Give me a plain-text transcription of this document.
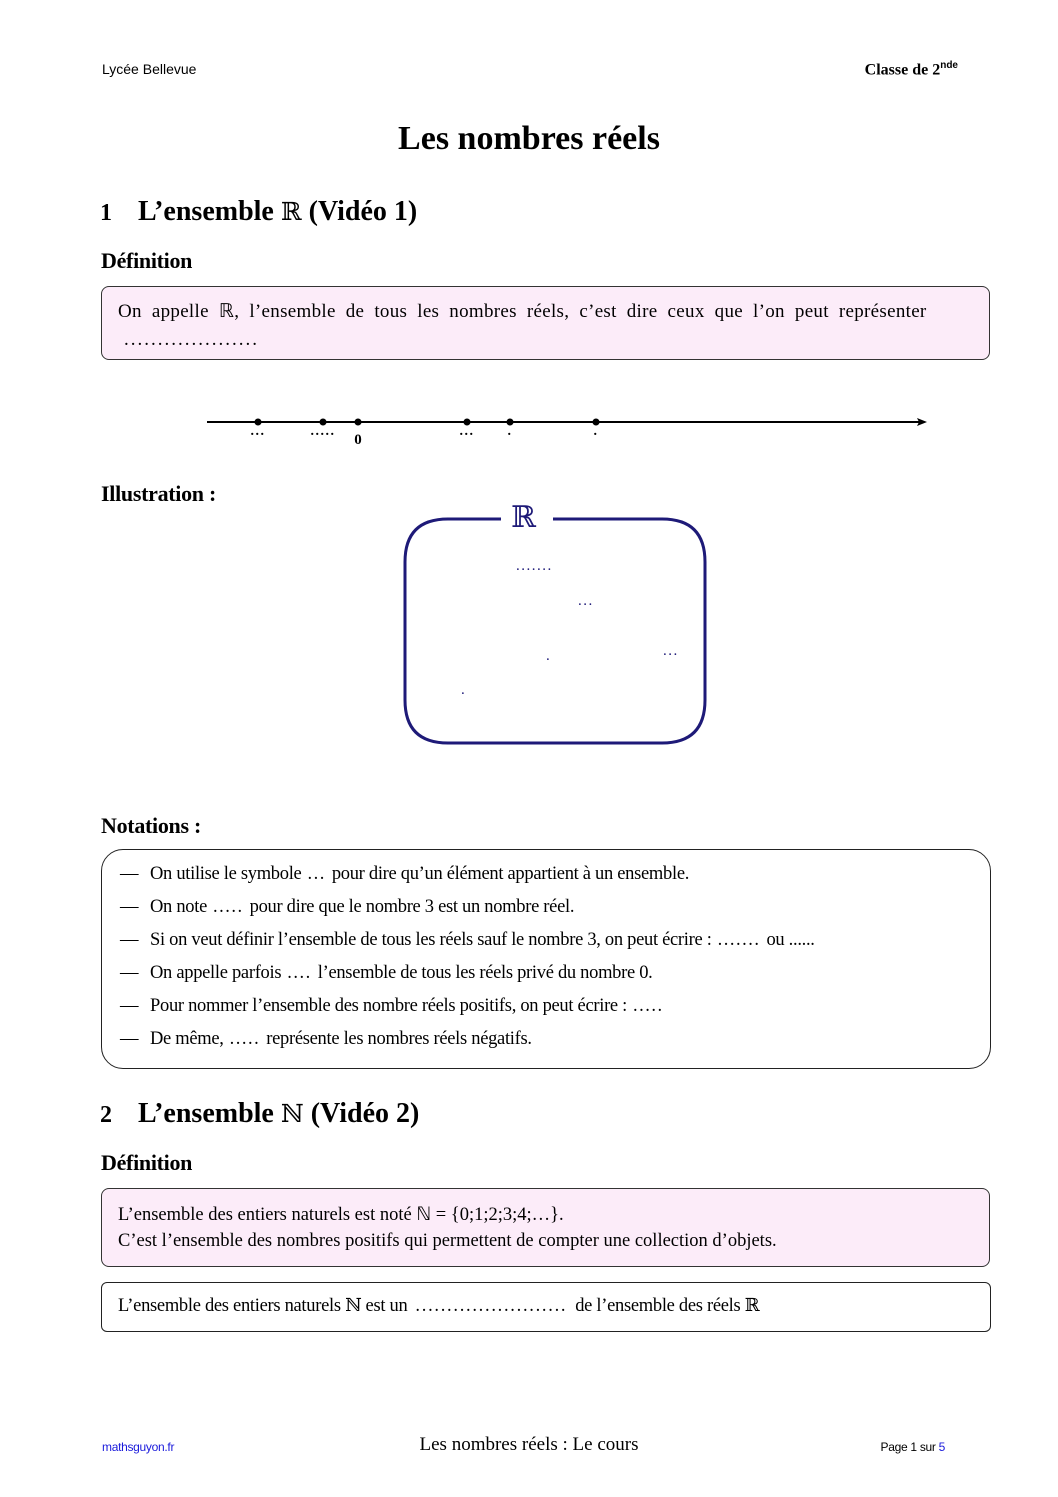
Lycée Bellevue	Classe de 2nde
Les nombres réels
1 L’ensemble ℝ (Vidéo 1)
Définition
On appelle ℝ, l’ensemble de tous les nombres réels, c’est dire ceux que l’on peut représenter
....................
...	.....
0
... .	.
Illustration :
.......
...
.	...
.
ℝ
Notations :
— On utilise le symbole ... pour dire qu’un élément appartient à un ensemble.
— On note ..... pour dire que le nombre 3 est un nombre réel.
— Si on veut définir l’ensemble de tous les réels sauf le nombre 3, on peut écrire : ....... ou ......
— On appelle parfois .... l’ensemble de tous les réels privé du nombre 0.
— Pour nommer l’ensemble des nombre réels positifs, on peut écrire : .....
— De même, ..... représente les nombres réels négatifs.
2 L’ensemble ℕ (Vidéo 2)
Définition
L’ensemble des entiers naturels est noté ℕ = {0;1;2;3;4;…}.
C’est l’ensemble des nombres positifs qui permettent de compter une collection d’objets.
L’ensemble des entiers naturels ℕ est un ........................ de l’ensemble des réels ℝ
mathsguyon.fr	Les nombres réels : Le cours	Page 1 sur 5
